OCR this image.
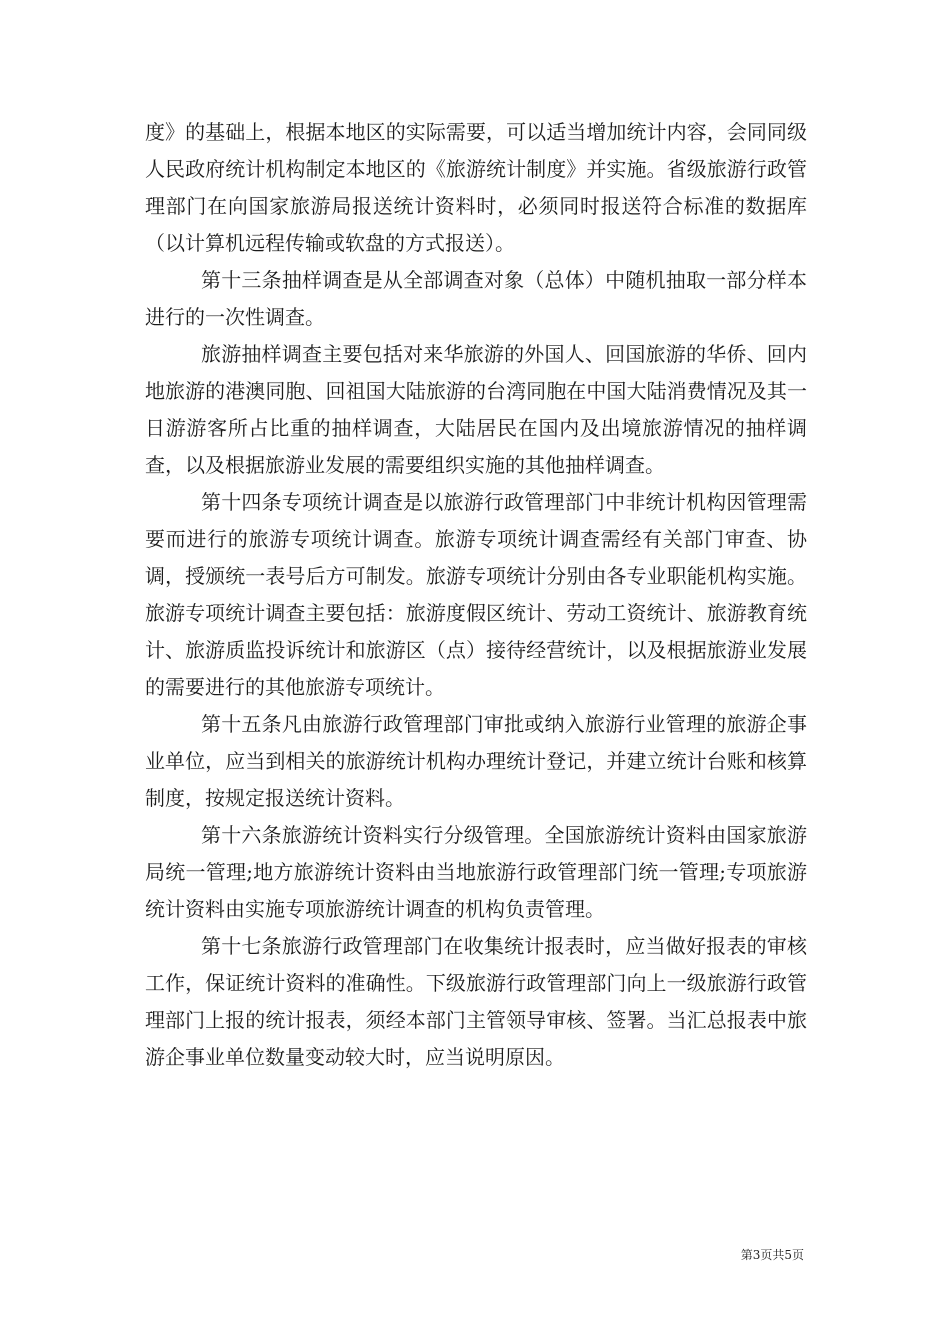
度》的基础上，根据本地区的实际需要，可以适当增加统计内容，会同同级人民政府统计机构制定本地区的《旅游统计制度》并实施。省级旅游行政管理部门在向国家旅游局报送统计资料时，必须同时报送符合标准的数据库（以计算机远程传输或软盘的方式报送）。

第十三条抽样调查是从全部调查对象（总体）中随机抽取一部分样本进行的一次性调查。

旅游抽样调查主要包括对来华旅游的外国人、回国旅游的华侨、回内地旅游的港澳同胞、回祖国大陆旅游的台湾同胞在中国大陆消费情况及其一日游游客所占比重的抽样调查，大陆居民在国内及出境旅游情况的抽样调查，以及根据旅游业发展的需要组织实施的其他抽样调查。

第十四条专项统计调查是以旅游行政管理部门中非统计机构因管理需要而进行的旅游专项统计调查。旅游专项统计调查需经有关部门审查、协调，授颁统一表号后方可制发。旅游专项统计分别由各专业职能机构实施。旅游专项统计调查主要包括：旅游度假区统计、劳动工资统计、旅游教育统计、旅游质监投诉统计和旅游区（点）接待经营统计，以及根据旅游业发展的需要进行的其他旅游专项统计。

第十五条凡由旅游行政管理部门审批或纳入旅游行业管理的旅游企事业单位，应当到相关的旅游统计机构办理统计登记，并建立统计台账和核算制度，按规定报送统计资料。

第十六条旅游统计资料实行分级管理。全国旅游统计资料由国家旅游局统一管理;地方旅游统计资料由当地旅游行政管理部门统一管理;专项旅游统计资料由实施专项旅游统计调查的机构负责管理。

第十七条旅游行政管理部门在收集统计报表时，应当做好报表的审核工作，保证统计资料的准确性。下级旅游行政管理部门向上一级旅游行政管理部门上报的统计报表，须经本部门主管领导审核、签署。当汇总报表中旅游企事业单位数量变动较大时，应当说明原因。

第3页共5页
